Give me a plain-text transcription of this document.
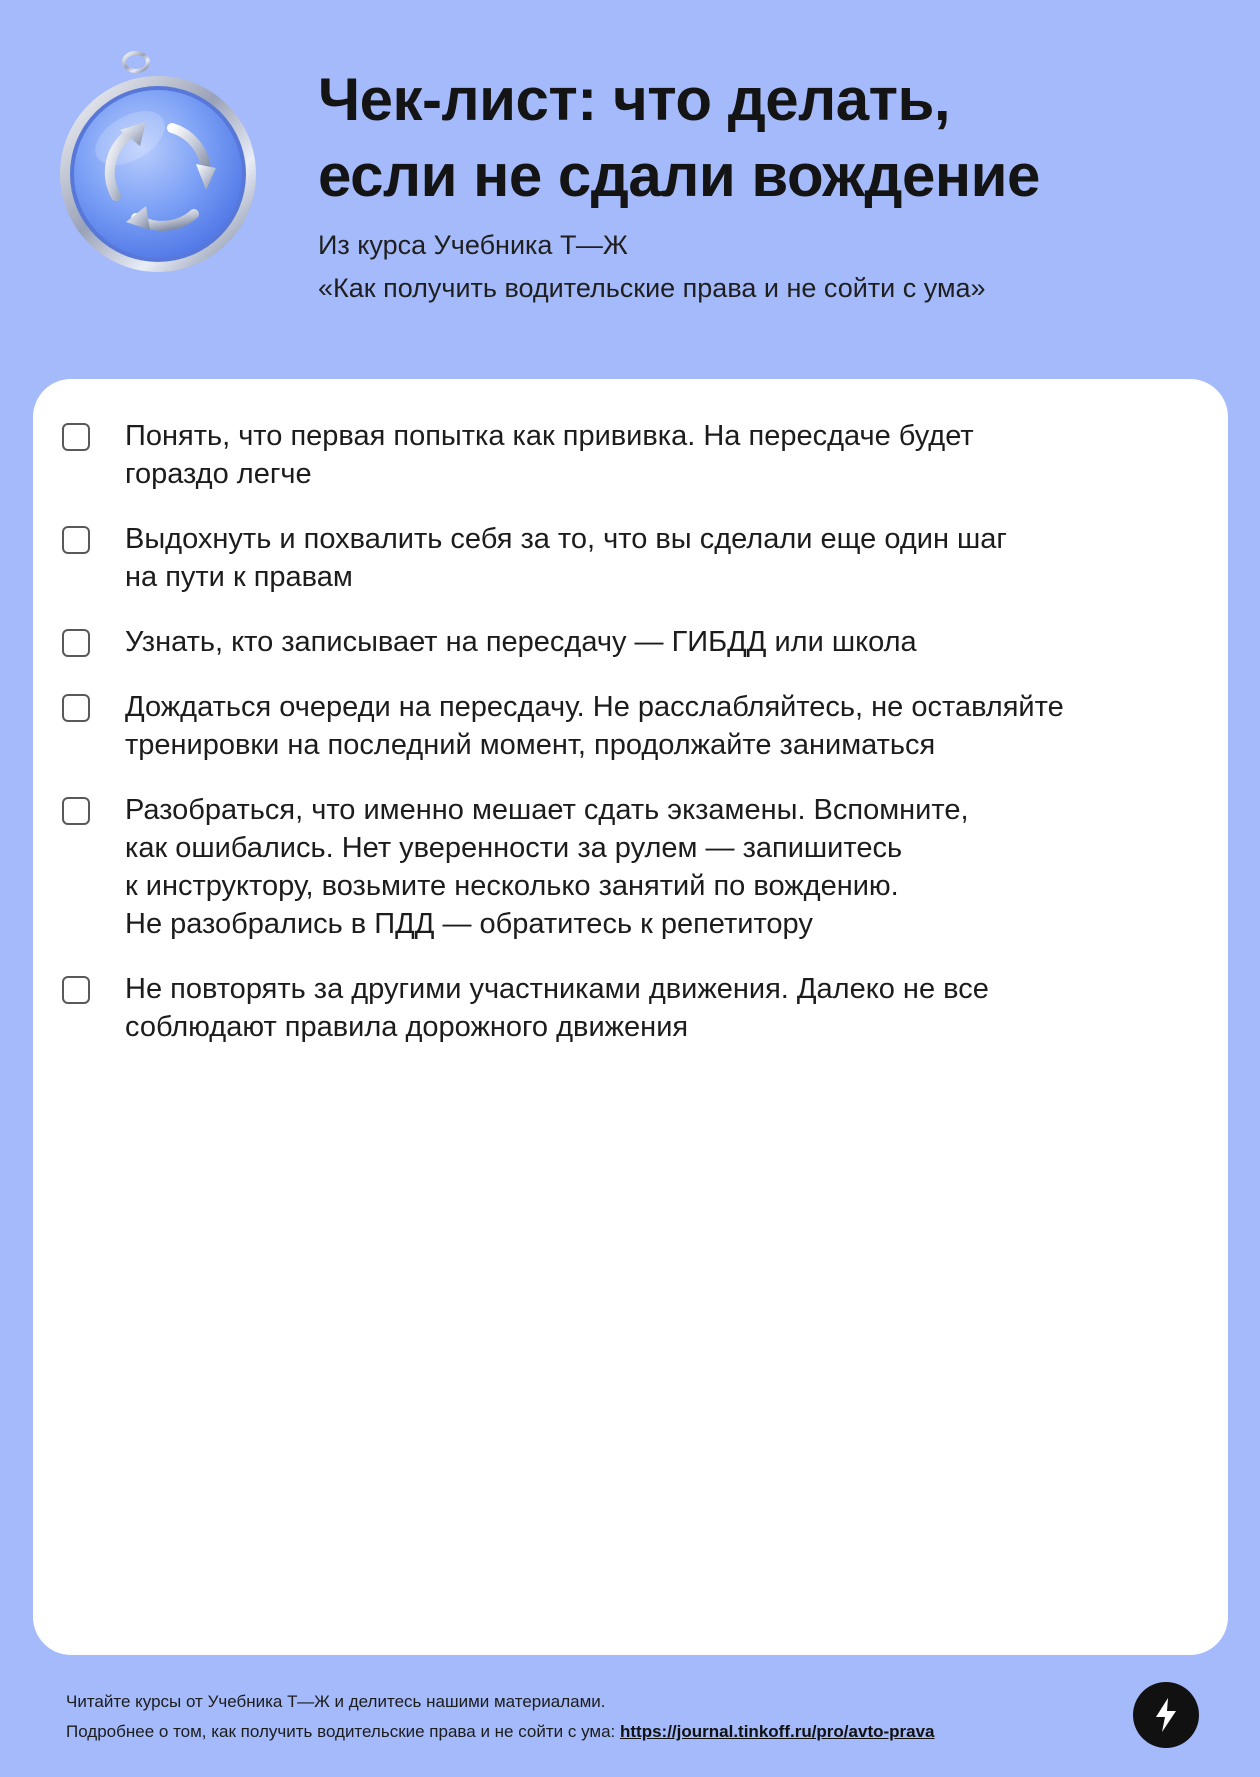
Чек-лист: что делать,
если не сдали вождение
Из курса Учебника Т—Ж
«Как получить водительские права и не сойти с ума»
Понять, что первая попытка как прививка. На пересдаче будет
гораздо легче
Выдохнуть и похвалить себя за то, что вы сделали еще один шаг
на пути к правам
Узнать, кто записывает на пересдачу — ГИБДД или школа
Дождаться очереди на пересдачу. Не расслабляйтесь, не оставляйте
тренировки на последний момент, продолжайте заниматься
Разобраться, что именно мешает сдать экзамены. Вспомните,
как ошибались. Нет уверенности за рулем — запишитесь
к инструктору, возьмите несколько занятий по вождению.
Не разобрались в ПДД — обратитесь к репетитору
Не повторять за другими участниками движения. Далеко не все
соблюдают правила дорожного движения
Читайте курсы от Учебника Т—Ж и делитесь нашими материалами.
Подробнее о том, как получить водительские права и не сойти с ума: https://journal.tinkoff.ru/pro/avto-prava
